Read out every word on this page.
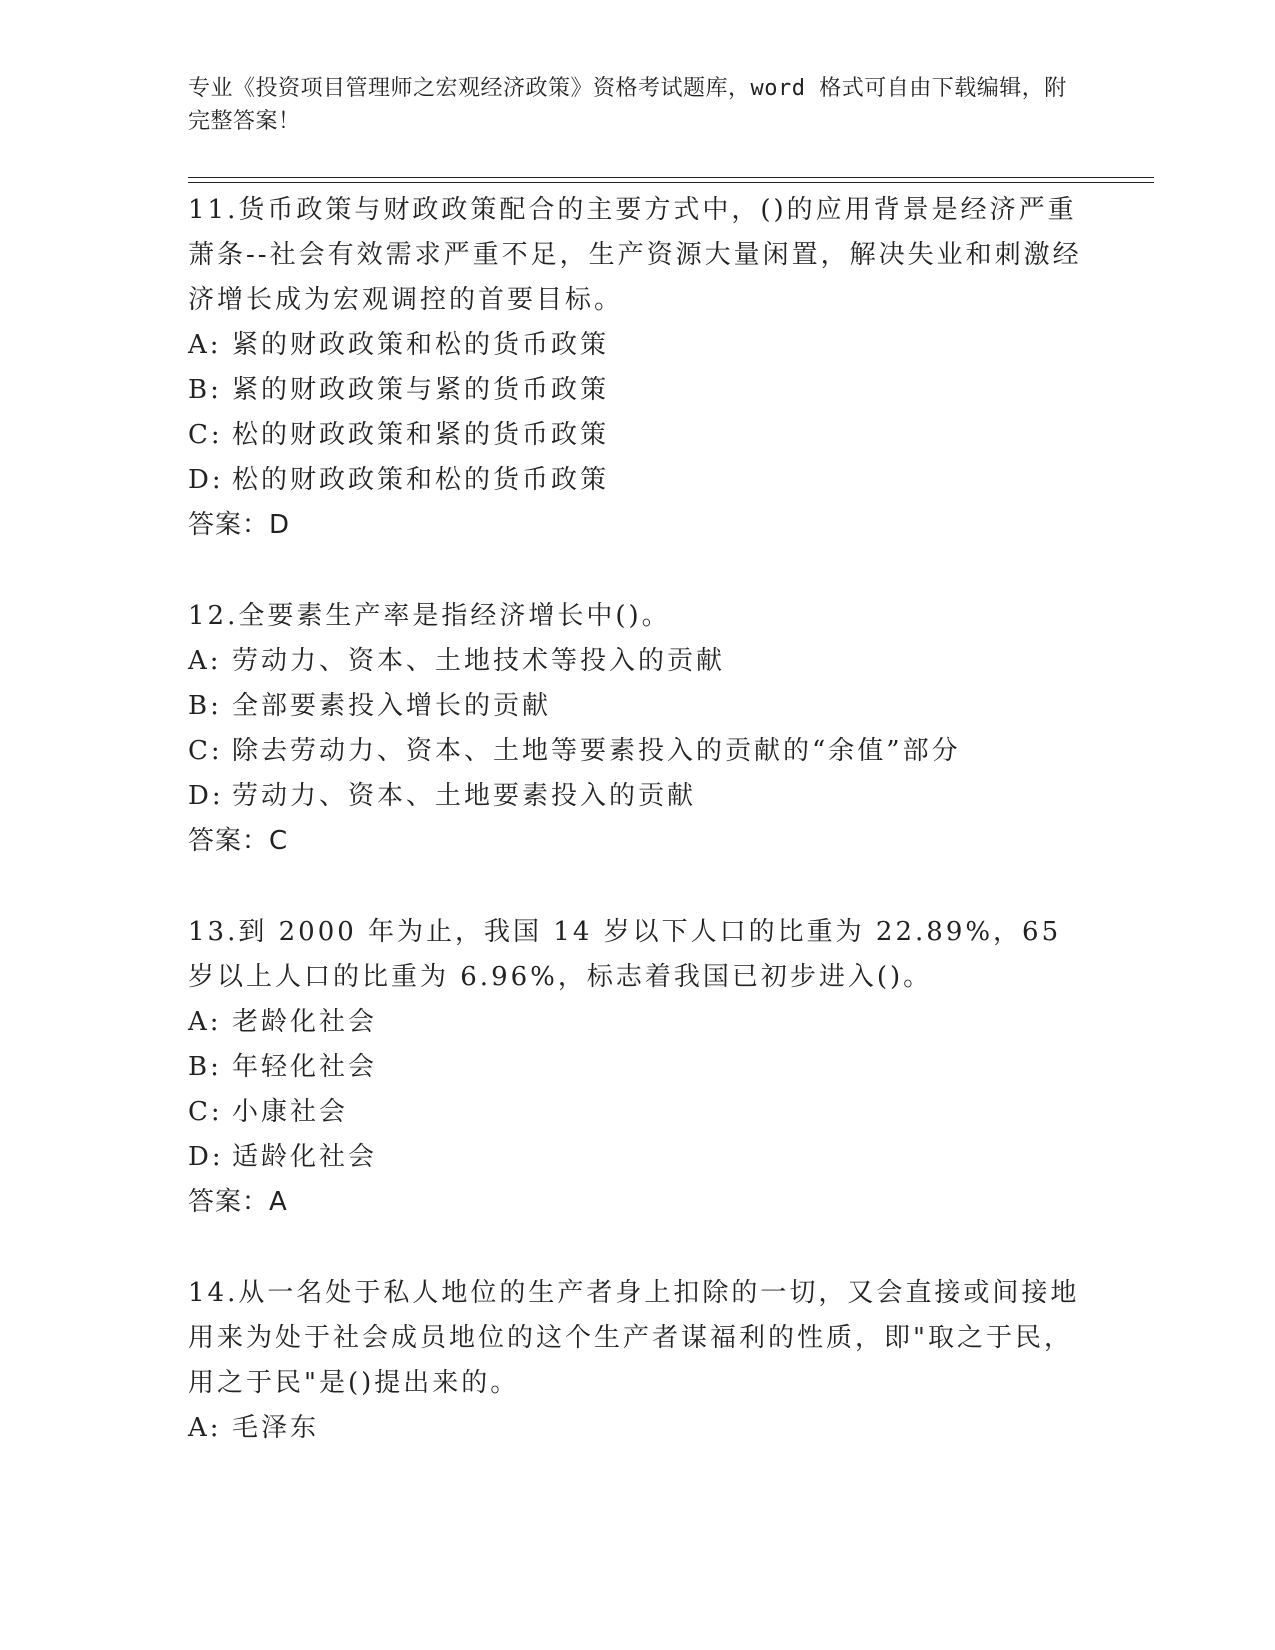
专业《投资项目管理师之宏观经济政策》资格考试题库，word 格式可自由下载编辑，附完整答案！

11.货币政策与财政政策配合的主要方式中，()的应用背景是经济严重萧条--社会有效需求严重不足，生产资源大量闲置，解决失业和刺激经济增长成为宏观调控的首要目标。

A: 紧的财政政策和松的货币政策

B: 紧的财政政策与紧的货币政策

C: 松的财政政策和紧的货币政策

D: 松的财政政策和松的货币政策

答案：D

12.全要素生产率是指经济增长中()。

A: 劳动力、资本、土地技术等投入的贡献

B: 全部要素投入增长的贡献

C: 除去劳动力、资本、土地等要素投入的贡献的“余值”部分

D: 劳动力、资本、土地要素投入的贡献

答案：C

13.到 2000 年为止，我国 14 岁以下人口的比重为 22.89%，65 岁以上人口的比重为 6.96%，标志着我国已初步进入()。

A: 老龄化社会

B: 年轻化社会

C: 小康社会

D: 适龄化社会

答案：A

14.从一名处于私人地位的生产者身上扣除的一切，又会直接或间接地用来为处于社会成员地位的这个生产者谋福利的性质，即"取之于民，用之于民"是()提出来的。

A: 毛泽东
